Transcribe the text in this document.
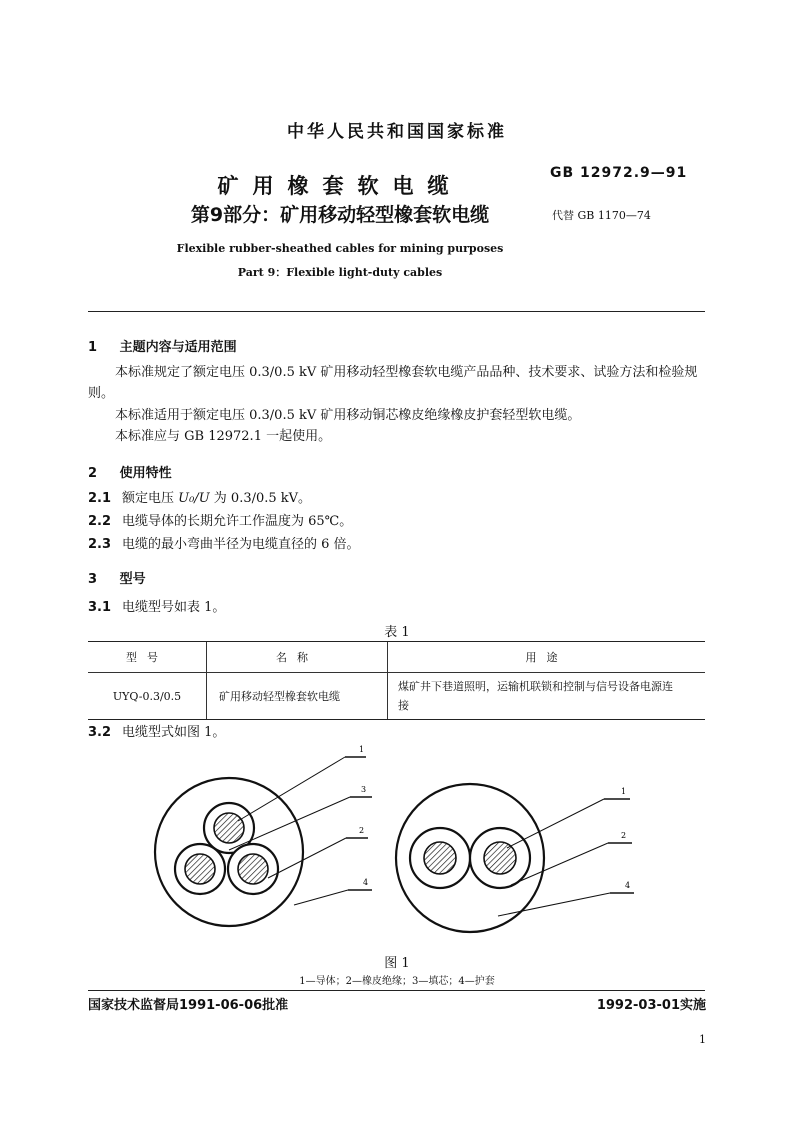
中华人民共和国国家标准
矿用橡套软电缆
第9部分：矿用移动轻型橡套软电缆
GB 12972.9—91
代替 GB 1170—74
Flexible rubber-sheathed cables for mining purposes
Part 9：Flexible light-duty cables
1 主题内容与适用范围
本标准规定了额定电压 0.3/0.5 kV 矿用移动轻型橡套软电缆产品品种、技术要求、试验方法和检验规则。
本标准适用于额定电压 0.3/0.5 kV 矿用移动铜芯橡皮绝缘橡皮护套轻型软电缆。
本标准应与 GB 12972.1 一起使用。
2 使用特性
2.1 额定电压 U₀/U 为 0.3/0.5 kV。
2.2 电缆导体的长期允许工作温度为 65℃。
2.3 电缆的最小弯曲半径为电缆直径的 6 倍。
3 型号
3.1 电缆型号如表 1。
表 1
型号	名称	用途
UYQ-0.3/0.5	矿用移动轻型橡套软电缆	煤矿井下巷道照明，运输机联锁和控制与信号设备电源连
接
3.2 电缆型式如图 1。
1
3
2
4
1
2
4
图 1
1—导体；2—橡皮绝缘；3—填芯；4—护套
国家技术监督局1991-06-06批准	1992-03-01实施
1
